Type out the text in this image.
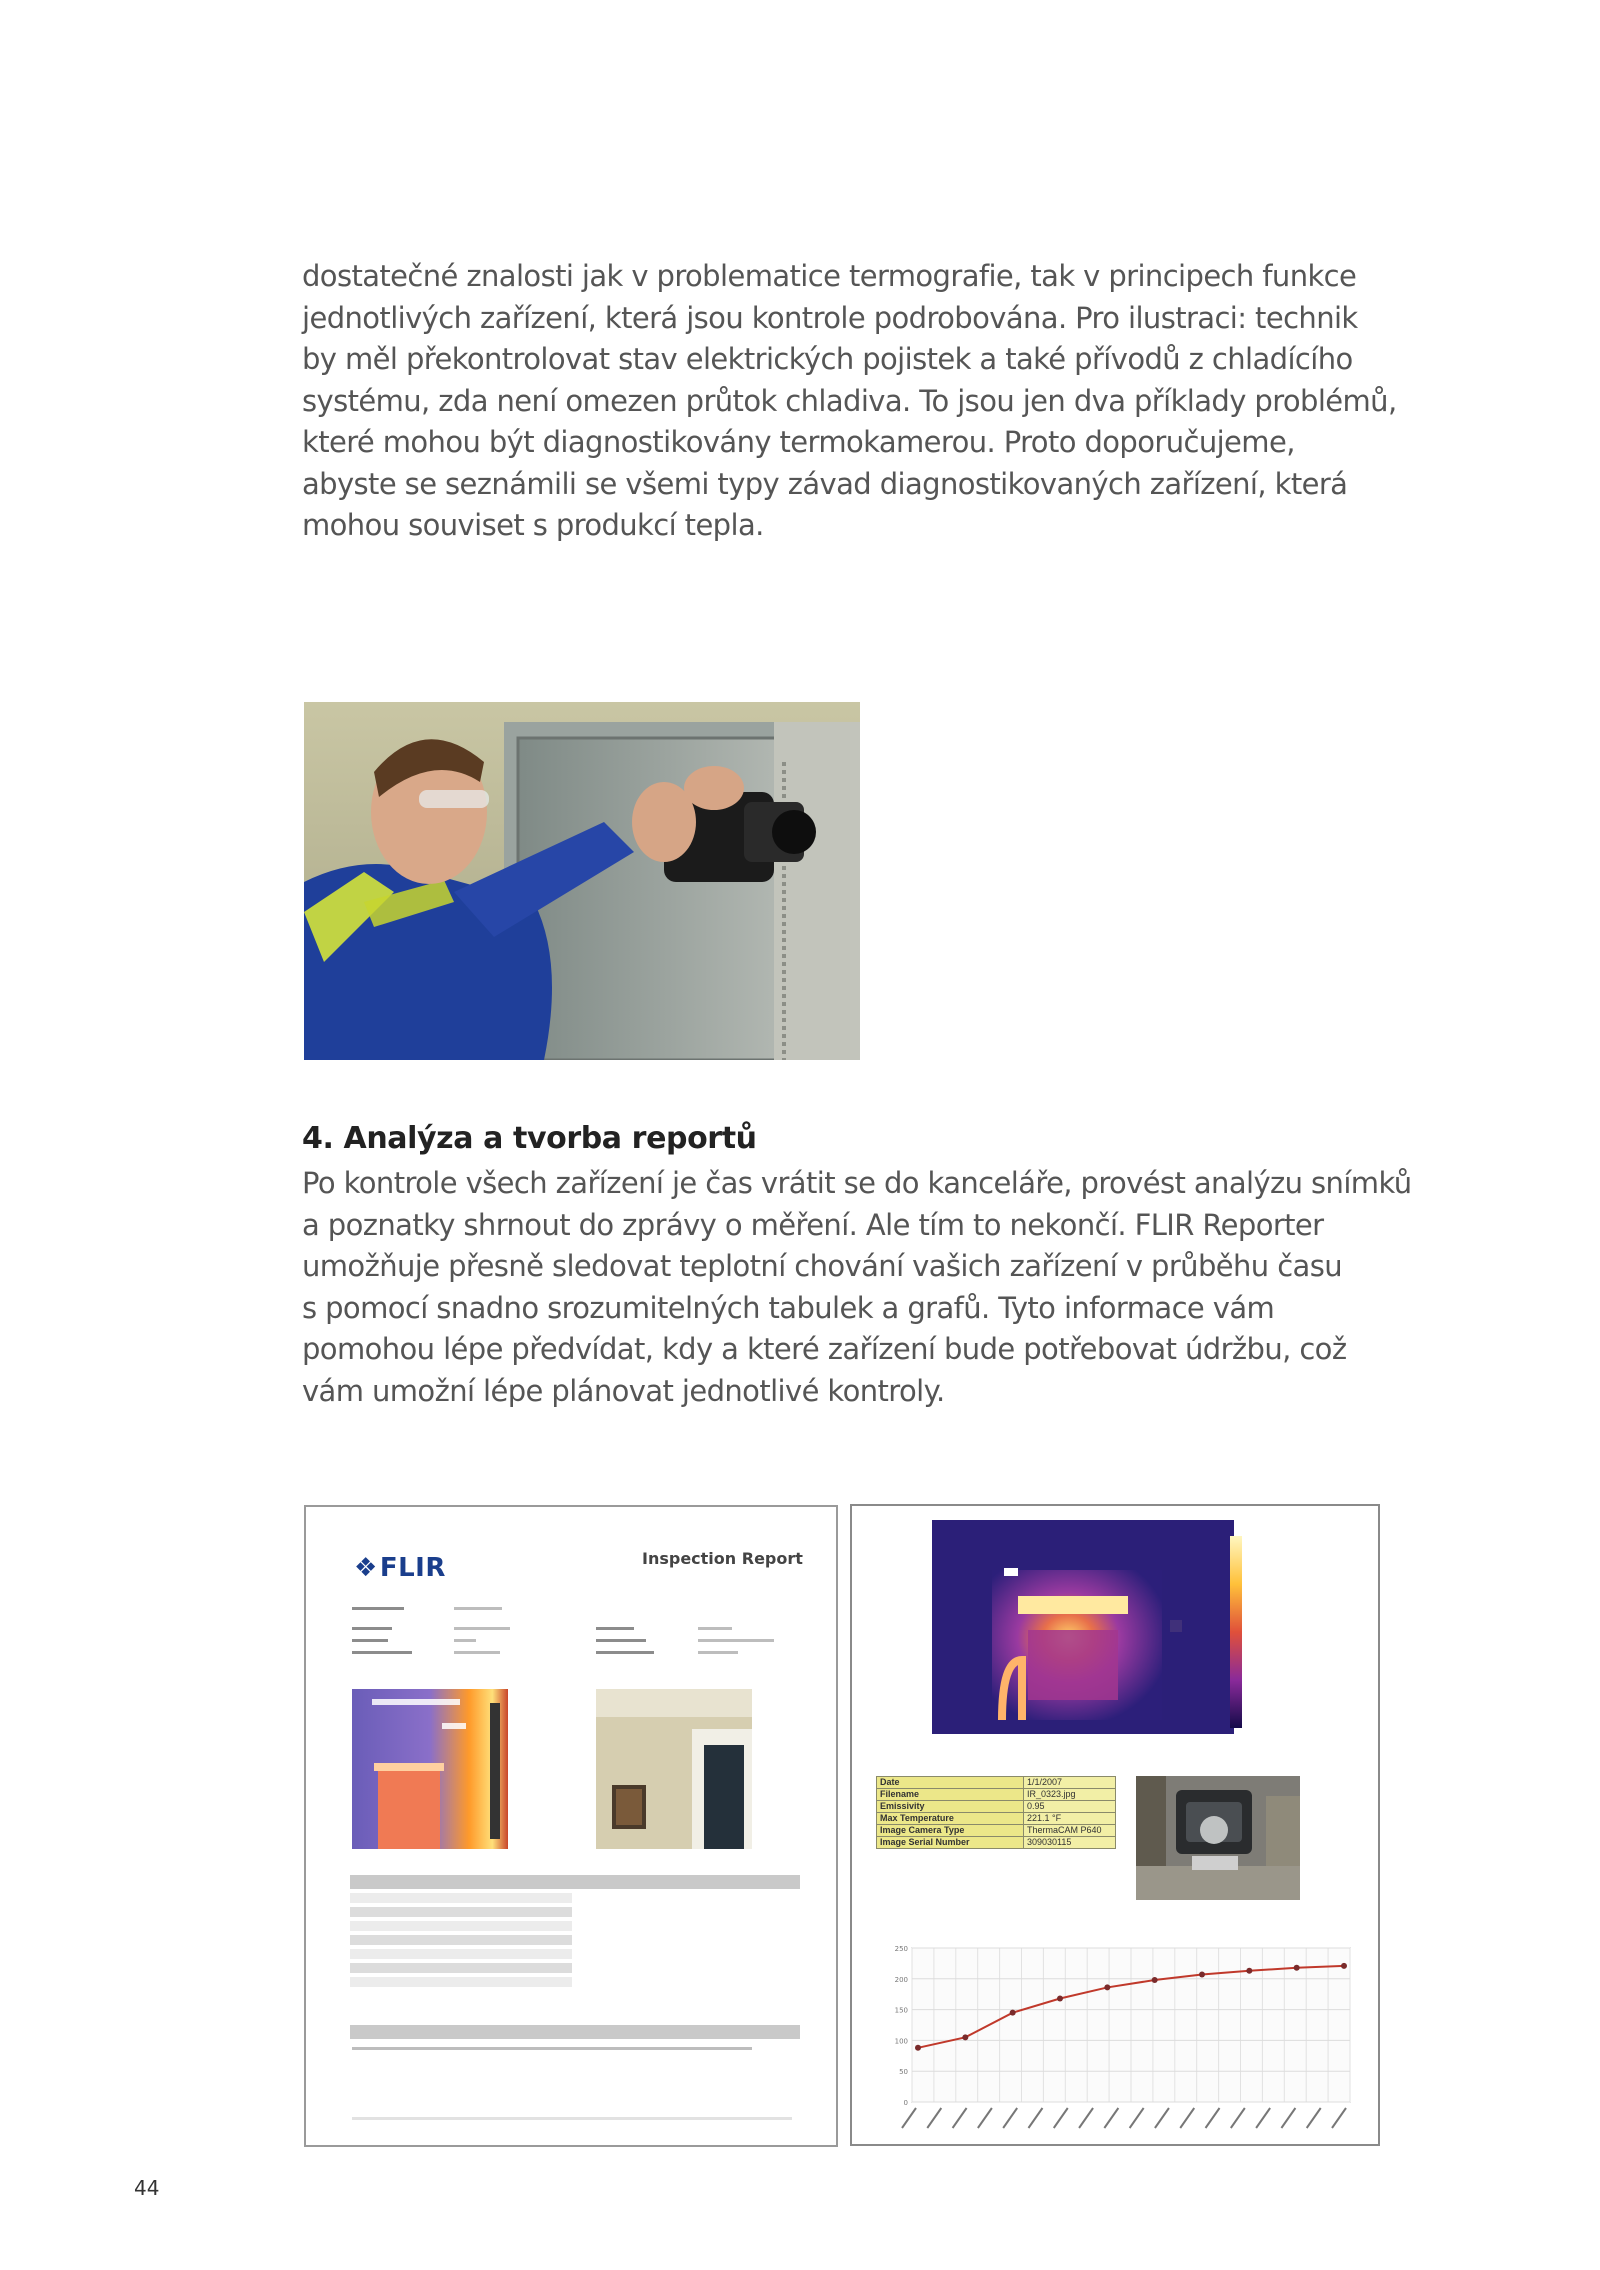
dostatečné znalosti jak v problematice termografie, tak v principech funkce
jednotlivých zařízení, která jsou kontrole podrobována. Pro ilustraci: technik
by měl překontrolovat stav elektrických pojistek a také přívodů z chladícího
systému, zda není omezen průtok chladiva. To jsou jen dva příklady problémů,
které mohou být diagnostikovány termokamerou. Proto doporučujeme,
abyste se seznámili se všemi typy závad diagnostikovaných zařízení, která
mohou souviset s produkcí tepla.

4. Analýza a tvorba reportů

Po kontrole všech zařízení je čas vrátit se do kanceláře, provést analýzu snímků
a poznatky shrnout do zprávy o měření. Ale tím to nekončí. FLIR Reporter
umožňuje přesně sledovat teplotní chování vašich zařízení v průběhu času
s pomocí snadno srozumitelných tabulek a grafů. Tyto informace vám
pomohou lépe předvídat, kdy a které zařízení bude potřebovat údržbu, což
vám umožní lépe plánovat jednotlivé kontroly.

❖FLIR	Inspection Report
Date	1/1/2007
Filename	IR_0323.jpg
Emissivity	0.95
Max Temperature	221.1 °F
Image Camera Type	ThermaCAM P640
Image Serial Number	309030115
0
50
100
150
200
250
44
